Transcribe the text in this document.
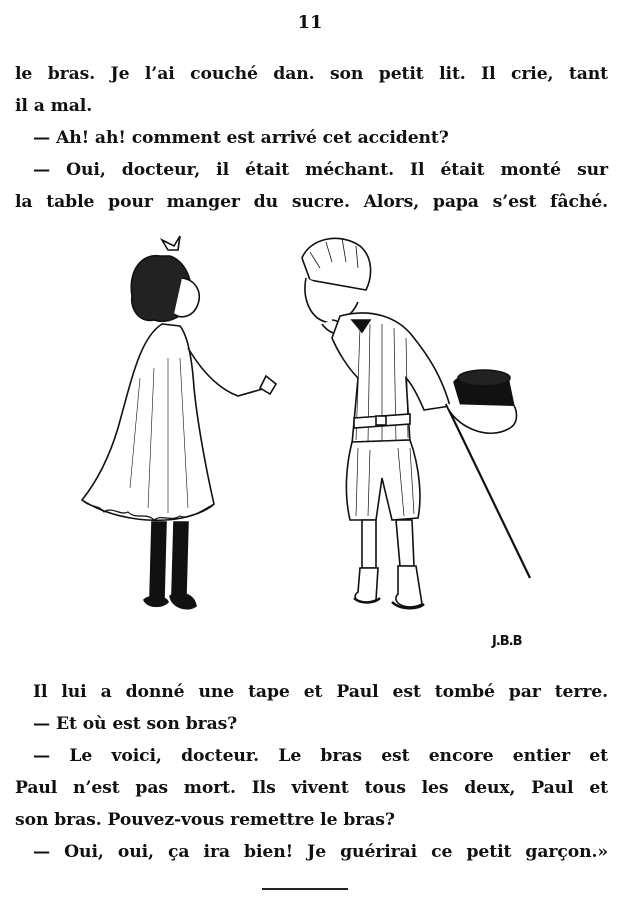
11
le bras. Je l’ai couché dan. son petit lit. Il crie, tant
il a mal.
— Ah! ah! comment est arrivé cet accident?
— Oui, docteur, il était méchant. Il était monté sur
la table pour manger du sucre. Alors, papa s’est fâché.
J.B.B
Il lui a donné une tape et Paul est tombé par terre.
— Et où est son bras?
— Le voici, docteur. Le bras est encore entier et
Paul n’est pas mort. Ils vivent tous les deux, Paul et
son bras. Pouvez-vous remettre le bras?
— Oui, oui, ça ira bien! Je guérirai ce petit garçon.»
